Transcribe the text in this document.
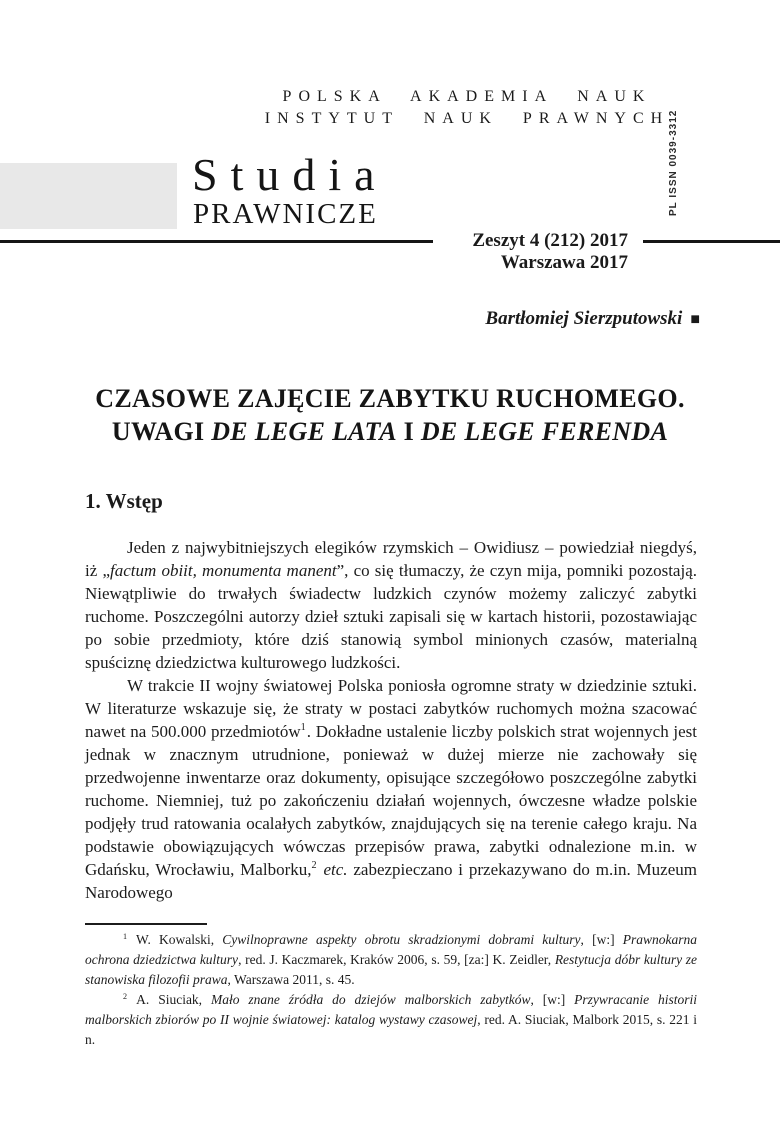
PL ISSN 0039-3312
POLSKA AKADEMIA NAUK
INSTYTUT NAUK PRAWNYCH
Studia
PRAWNICZE
Zeszyt 4 (212) 2017
Warszawa 2017
Bartłomiej Sierzputowski ■
CZASOWE ZAJĘCIE ZABYTKU RUCHOMEGO.
UWAGI DE LEGE LATA I DE LEGE FERENDA
1. Wstęp

Jeden z najwybitniejszych elegików rzymskich – Owidiusz – powiedział niegdyś, iż „factum obiit, monumenta manent”, co się tłumaczy, że czyn mija, pomniki pozostają. Niewątpliwie do trwałych świadectw ludzkich czynów możemy zaliczyć zabytki ruchome. Poszczególni autorzy dzieł sztuki zapisali się w kartach historii, pozostawiając po sobie przedmioty, które dziś stanowią symbol minionych czasów, materialną spuściznę dziedzictwa kulturowego ludzkości.

W trakcie II wojny światowej Polska poniosła ogromne straty w dziedzinie sztuki. W literaturze wskazuje się, że straty w postaci zabytków ruchomych można szacować nawet na 500.000 przedmiotów$^1$. Dokładne ustalenie liczby polskich strat wojennych jest jednak w znacznym utrudnione, ponieważ w dużej mierze nie zachowały się przedwojenne inwentarze oraz dokumenty, opisujące szczegółowo poszczególne zabytki ruchome. Niemniej, tuż po zakończeniu działań wojennych, ówczesne władze polskie podjęły trud ratowania ocalałych zabytków, znajdujących się na terenie całego kraju. Na podstawie obowiązujących wówczas przepisów prawa, zabytki odnalezione m.in. w Gdańsku, Wrocławiu, Malborku,$^2$ etc. zabezpieczano i przekazywano do m.in. Muzeum Narodowego

$^1$ W. Kowalski, Cywilnoprawne aspekty obrotu skradzionymi dobrami kultury, [w:] Prawnokarna ochrona dziedzictwa kultury, red. J. Kaczmarek, Kraków 2006, s. 59, [za:] K. Zeidler, Restytucja dóbr kultury ze stanowiska filozofii prawa, Warszawa 2011, s. 45.

$^2$ A. Siuciak, Mało znane źródła do dziejów malborskich zabytków, [w:] Przywracanie historii malborskich zbiorów po II wojnie światowej: katalog wystawy czasowej, red. A. Siuciak, Malbork 2015, s. 221 i n.
